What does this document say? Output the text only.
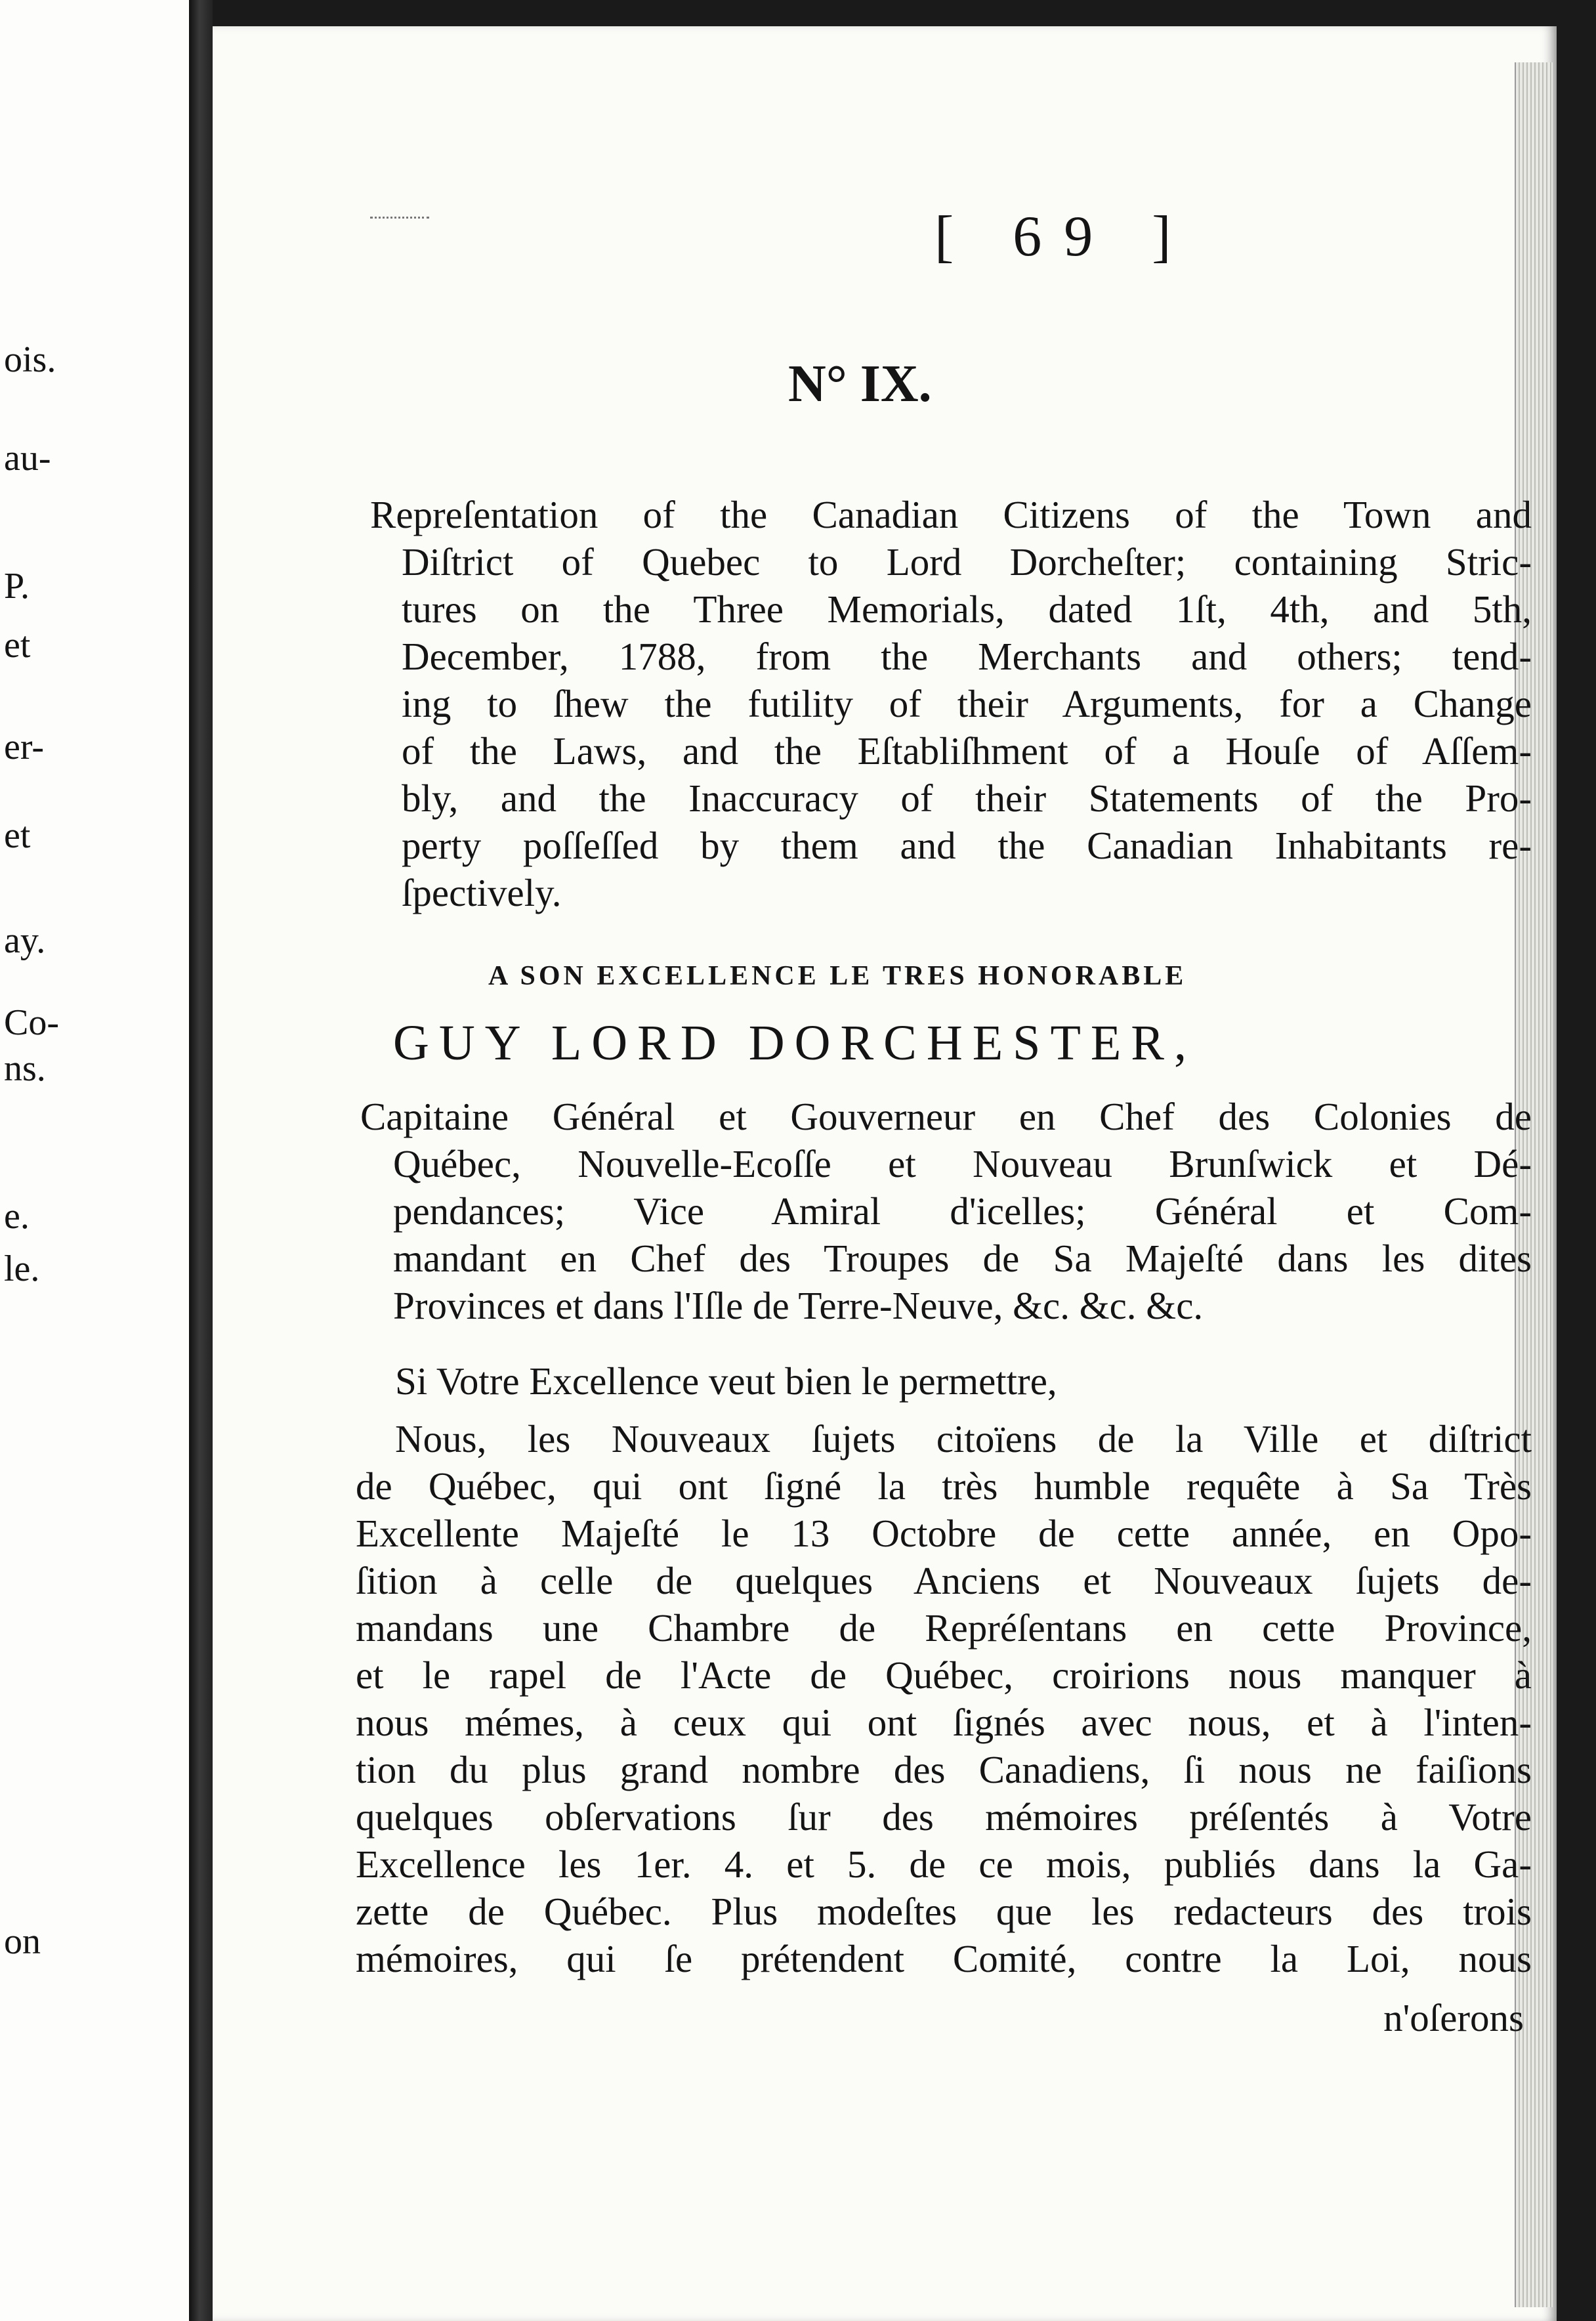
ois.
au-
P.
et
er-
et
ay.
Co-
ns.
e.
le.
on
[ 69 ]
N° IX.
Repreſentation of the Canadian Citizens of the Town and
Diſtrict of Quebec to Lord Dorcheſter; containing Stric-
tures on the Three Memorials, dated 1ſt, 4th, and 5th,
December, 1788, from the Merchants and others; tend-
ing to ſhew the futility of their Arguments, for a Change
of the Laws, and the Eſtabliſhment of a Houſe of Aſſem-
bly, and the Inaccuracy of their Statements of the Pro-
perty poſſeſſed by them and the Canadian Inhabitants re-
ſpectively.
A SON EXCELLENCE LE TRES HONORABLE
GUY LORD DORCHESTER,
Capitaine Général et Gouverneur en Chef des Colonies de
Québec, Nouvelle-Ecoſſe et Nouveau Brunſwick et Dé-
pendances; Vice Amiral d'icelles; Général et Com-
mandant en Chef des Troupes de Sa Majeſté dans les dites
Provinces et dans l'Iſle de Terre-Neuve, &c. &c. &c.
Si Votre Excellence veut bien le permettre,
Nous, les Nouveaux ſujets citoïens de la Ville et diſtrict
de Québec, qui ont ſigné la très humble requête à Sa Très
Excellente Majeſté le 13 Octobre de cette année, en Opo-
ſition à celle de quelques Anciens et Nouveaux ſujets de-
mandans une Chambre de Repréſentans en cette Province,
et le rapel de l'Acte de Québec, croirions nous manquer à
nous mémes, à ceux qui ont ſignés avec nous, et à l'inten-
tion du plus grand nombre des Canadiens, ſi nous ne faiſions
quelques obſervations ſur des mémoires préſentés à Votre
Excellence les 1er. 4. et 5. de ce mois, publiés dans la Ga-
zette de Québec. Plus modeſtes que les redacteurs des trois
mémoires, qui ſe prétendent Comité, contre la Loi, nous
n'oſerons
